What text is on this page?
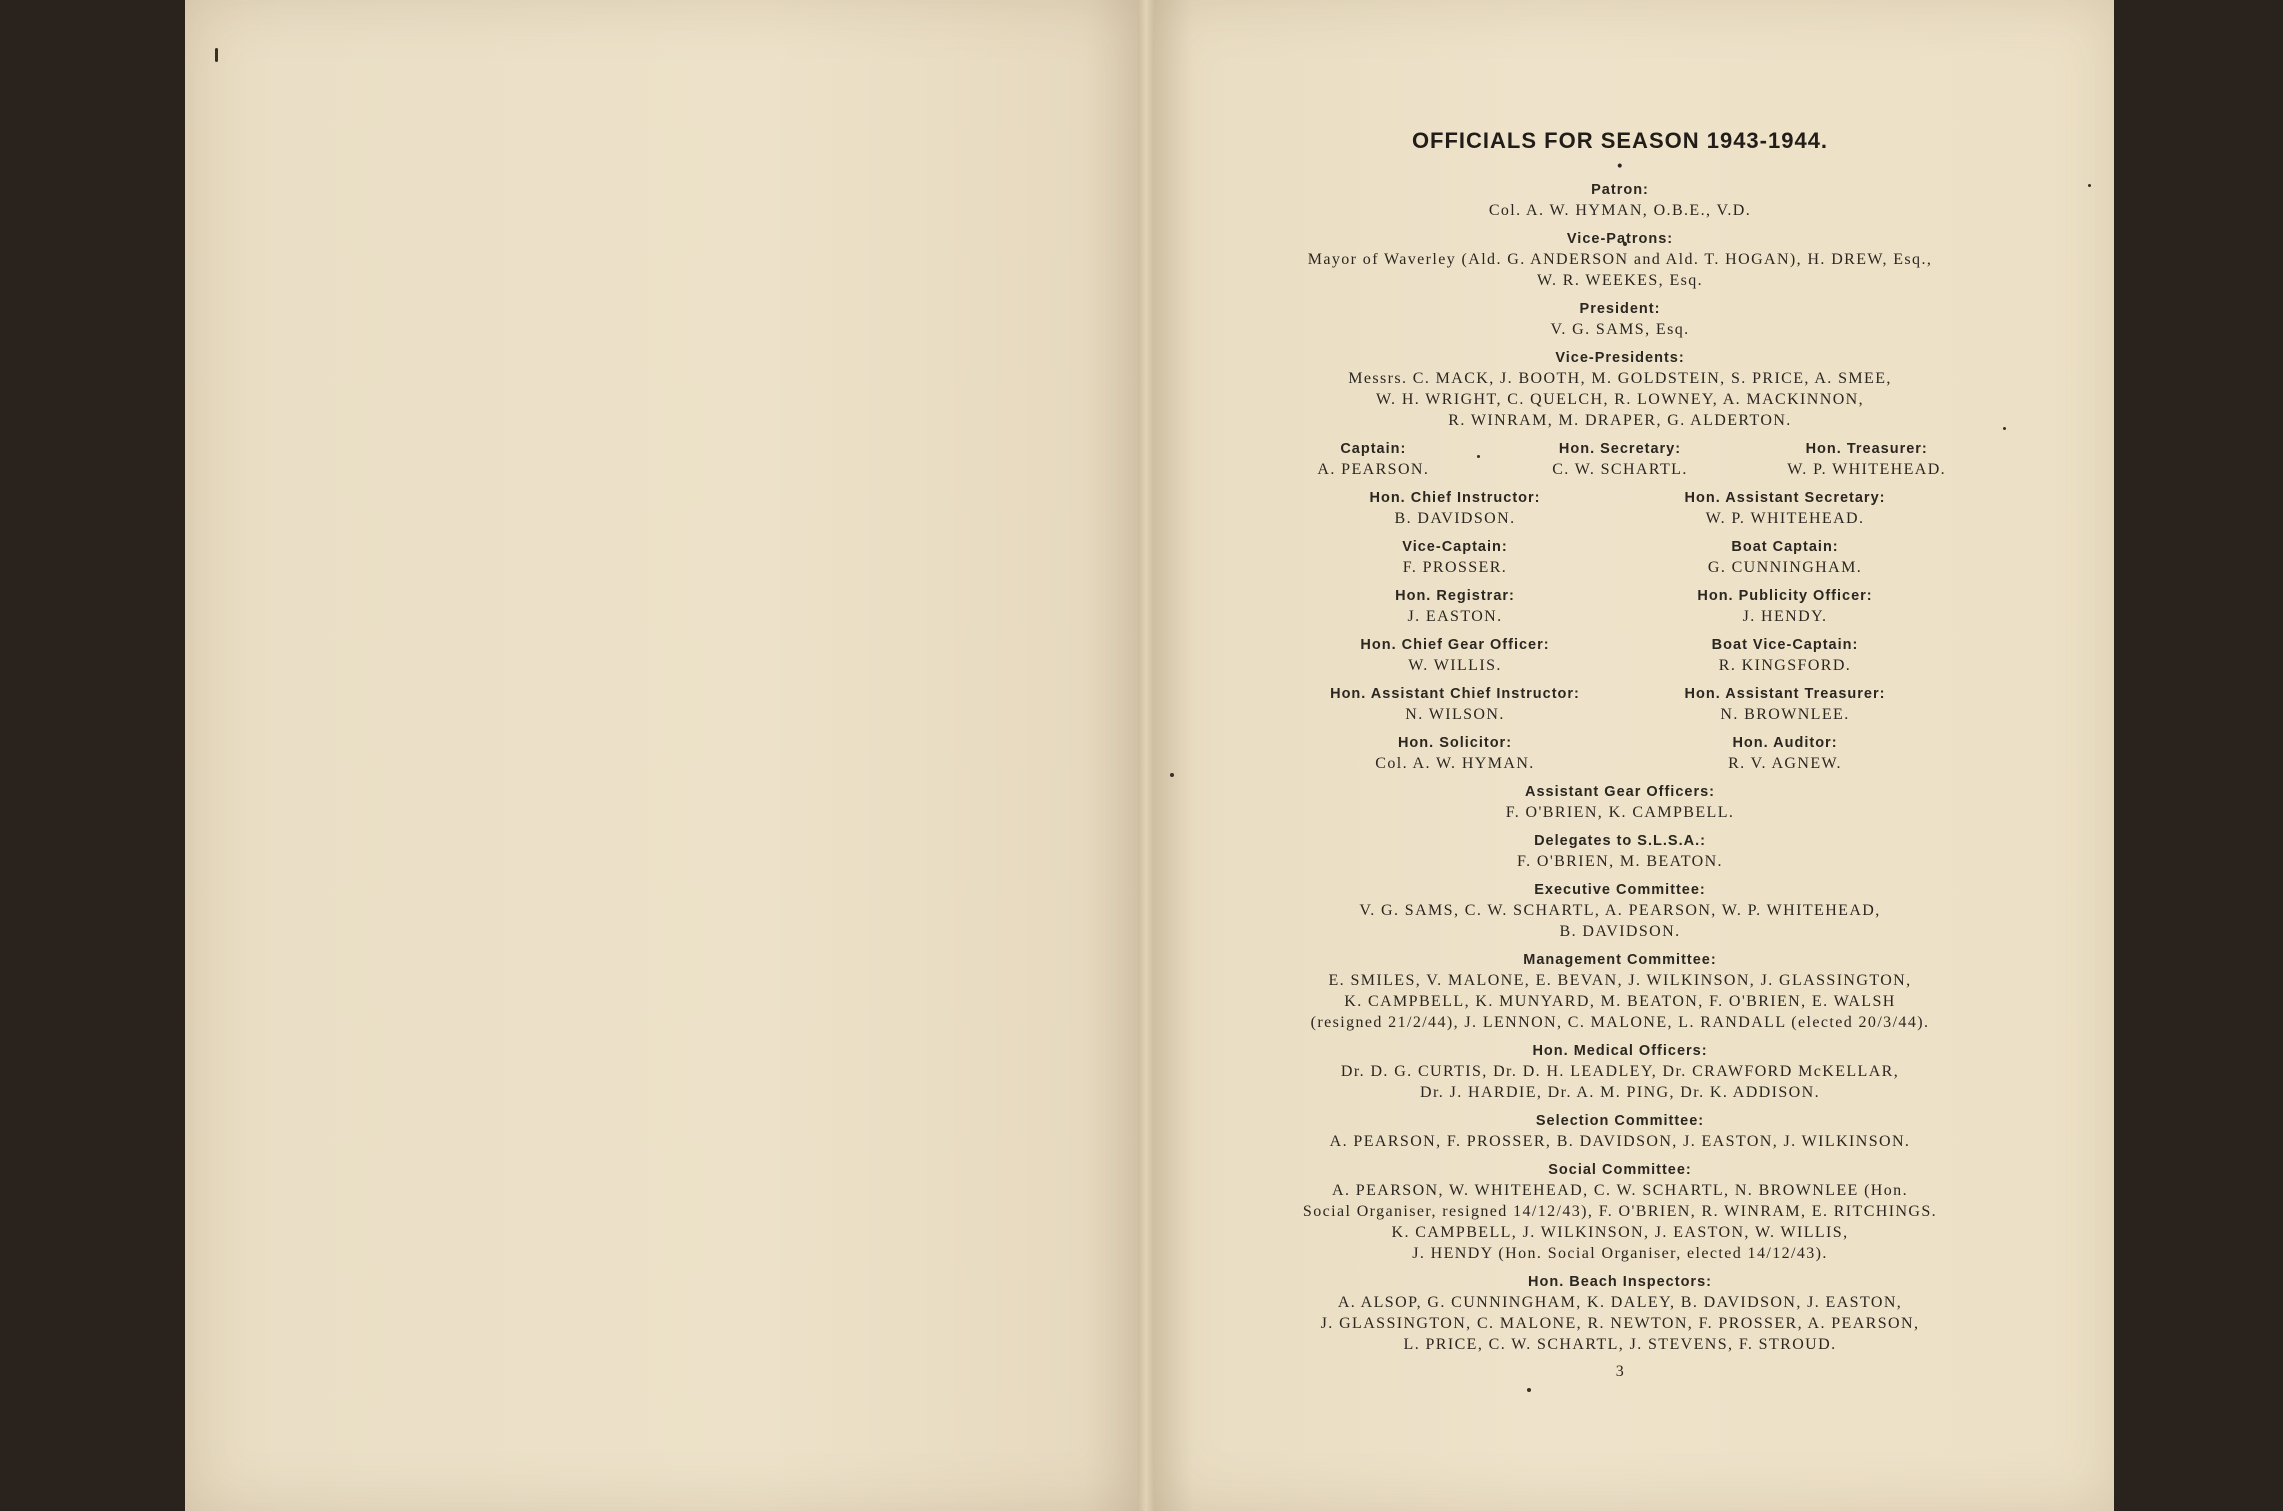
OFFICIALS FOR SEASON 1943-1944.
•
Patron:
Col. A. W. HYMAN, O.B.E., V.D.
Vice-Patrons:
Mayor of Waverley (Ald. G. ANDERSON and Ald. T. HOGAN), H. DREW, Esq.,
W. R. WEEKES, Esq.
President:
V. G. SAMS, Esq.
Vice-Presidents:
Messrs. C. MACK, J. BOOTH, M. GOLDSTEIN, S. PRICE, A. SMEE,
W. H. WRIGHT, C. QUELCH, R. LOWNEY, A. MACKINNON,
R. WINRAM, M. DRAPER, G. ALDERTON.
Captain:
A. PEARSON.
Hon. Secretary:
C. W. SCHARTL.
Hon. Treasurer:
W. P. WHITEHEAD.
Hon. Chief Instructor:
B. DAVIDSON.
Hon. Assistant Secretary:
W. P. WHITEHEAD.
Vice-Captain:
F. PROSSER.
Boat Captain:
G. CUNNINGHAM.
Hon. Registrar:
J. EASTON.
Hon. Publicity Officer:
J. HENDY.
Hon. Chief Gear Officer:
W. WILLIS.
Boat Vice-Captain:
R. KINGSFORD.
Hon. Assistant Chief Instructor:
N. WILSON.
Hon. Assistant Treasurer:
N. BROWNLEE.
Hon. Solicitor:
Col. A. W. HYMAN.
Hon. Auditor:
R. V. AGNEW.
Assistant Gear Officers:
F. O'BRIEN, K. CAMPBELL.
Delegates to S.L.S.A.:
F. O'BRIEN, M. BEATON.
Executive Committee:
V. G. SAMS, C. W. SCHARTL, A. PEARSON, W. P. WHITEHEAD,
B. DAVIDSON.
Management Committee:
E. SMILES, V. MALONE, E. BEVAN, J. WILKINSON, J. GLASSINGTON,
K. CAMPBELL, K. MUNYARD, M. BEATON, F. O'BRIEN, E. WALSH
(resigned 21/2/44), J. LENNON, C. MALONE, L. RANDALL (elected 20/3/44).
Hon. Medical Officers:
Dr. D. G. CURTIS, Dr. D. H. LEADLEY, Dr. CRAWFORD McKELLAR,
Dr. J. HARDIE, Dr. A. M. PING, Dr. K. ADDISON.
Selection Committee:
A. PEARSON, F. PROSSER, B. DAVIDSON, J. EASTON, J. WILKINSON.
Social Committee:
A. PEARSON, W. WHITEHEAD, C. W. SCHARTL, N. BROWNLEE (Hon.
Social Organiser, resigned 14/12/43), F. O'BRIEN, R. WINRAM, E. RITCHINGS.
K. CAMPBELL, J. WILKINSON, J. EASTON, W. WILLIS,
J. HENDY (Hon. Social Organiser, elected 14/12/43).
Hon. Beach Inspectors:
A. ALSOP, G. CUNNINGHAM, K. DALEY, B. DAVIDSON, J. EASTON,
J. GLASSINGTON, C. MALONE, R. NEWTON, F. PROSSER, A. PEARSON,
L. PRICE, C. W. SCHARTL, J. STEVENS, F. STROUD.
3
